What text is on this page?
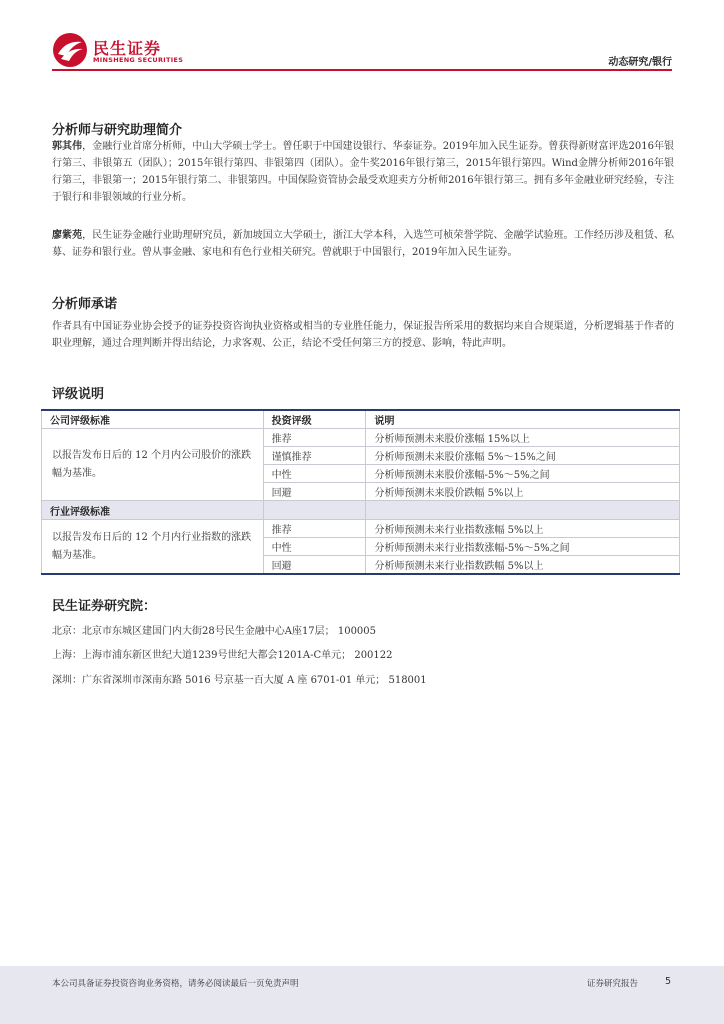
民生证券
MINSHENG SECURITIES	动态研究/银行
分析师与研究助理简介
郭其伟，金融行业首席分析师，中山大学硕士学士。曾任职于中国建设银行、华泰证券。2019年加入民生证券。曾获得新财富评选2016年银行第三、非银第五（团队）；2015年银行第四、非银第四（团队）。金牛奖2016年银行第三，2015年银行第四。Wind金牌分析师2016年银行第三，非银第一；2015年银行第二、非银第四。中国保险资管协会最受欢迎卖方分析师2016年银行第三。拥有多年金融业研究经验，专注于银行和非银领域的行业分析。
廖紫苑，民生证券金融行业助理研究员，新加坡国立大学硕士，浙江大学本科，入选竺可桢荣誉学院、金融学试验班。工作经历涉及租赁、私募、证券和银行业。曾从事金融、家电和有色行业相关研究。曾就职于中国银行，2019年加入民生证券。
分析师承诺
作者具有中国证券业协会授予的证券投资咨询执业资格或相当的专业胜任能力，保证报告所采用的数据均来自合规渠道，分析逻辑基于作者的职业理解，通过合理判断并得出结论，力求客观、公正，结论不受任何第三方的授意、影响，特此声明。
评级说明
公司评级标准	投资评级	说明
以报告发布日后的 12 个月内公司股价的涨跌幅为基准。	推荐	分析师预测未来股价涨幅 15%以上
	谨慎推荐	分析师预测未来股价涨幅 5%～15%之间
	中性	分析师预测未来股价涨幅-5%～5%之间
	回避	分析师预测未来股价跌幅 5%以上
行业评级标准		
以报告发布日后的 12 个月内行业指数的涨跌幅为基准。	推荐	分析师预测未来行业指数涨幅 5%以上
	中性	分析师预测未来行业指数涨幅-5%～5%之间
	回避	分析师预测未来行业指数跌幅 5%以上
民生证券研究院：
北京：北京市东城区建国门内大街28号民生金融中心A座17层； 100005
上海：上海市浦东新区世纪大道1239号世纪大都会1201A-C单元； 200122
深圳：广东省深圳市深南东路 5016 号京基一百大厦 A 座 6701-01 单元； 518001
本公司具备证券投资咨询业务资格，请务必阅读最后一页免责声明	证券研究报告	5
